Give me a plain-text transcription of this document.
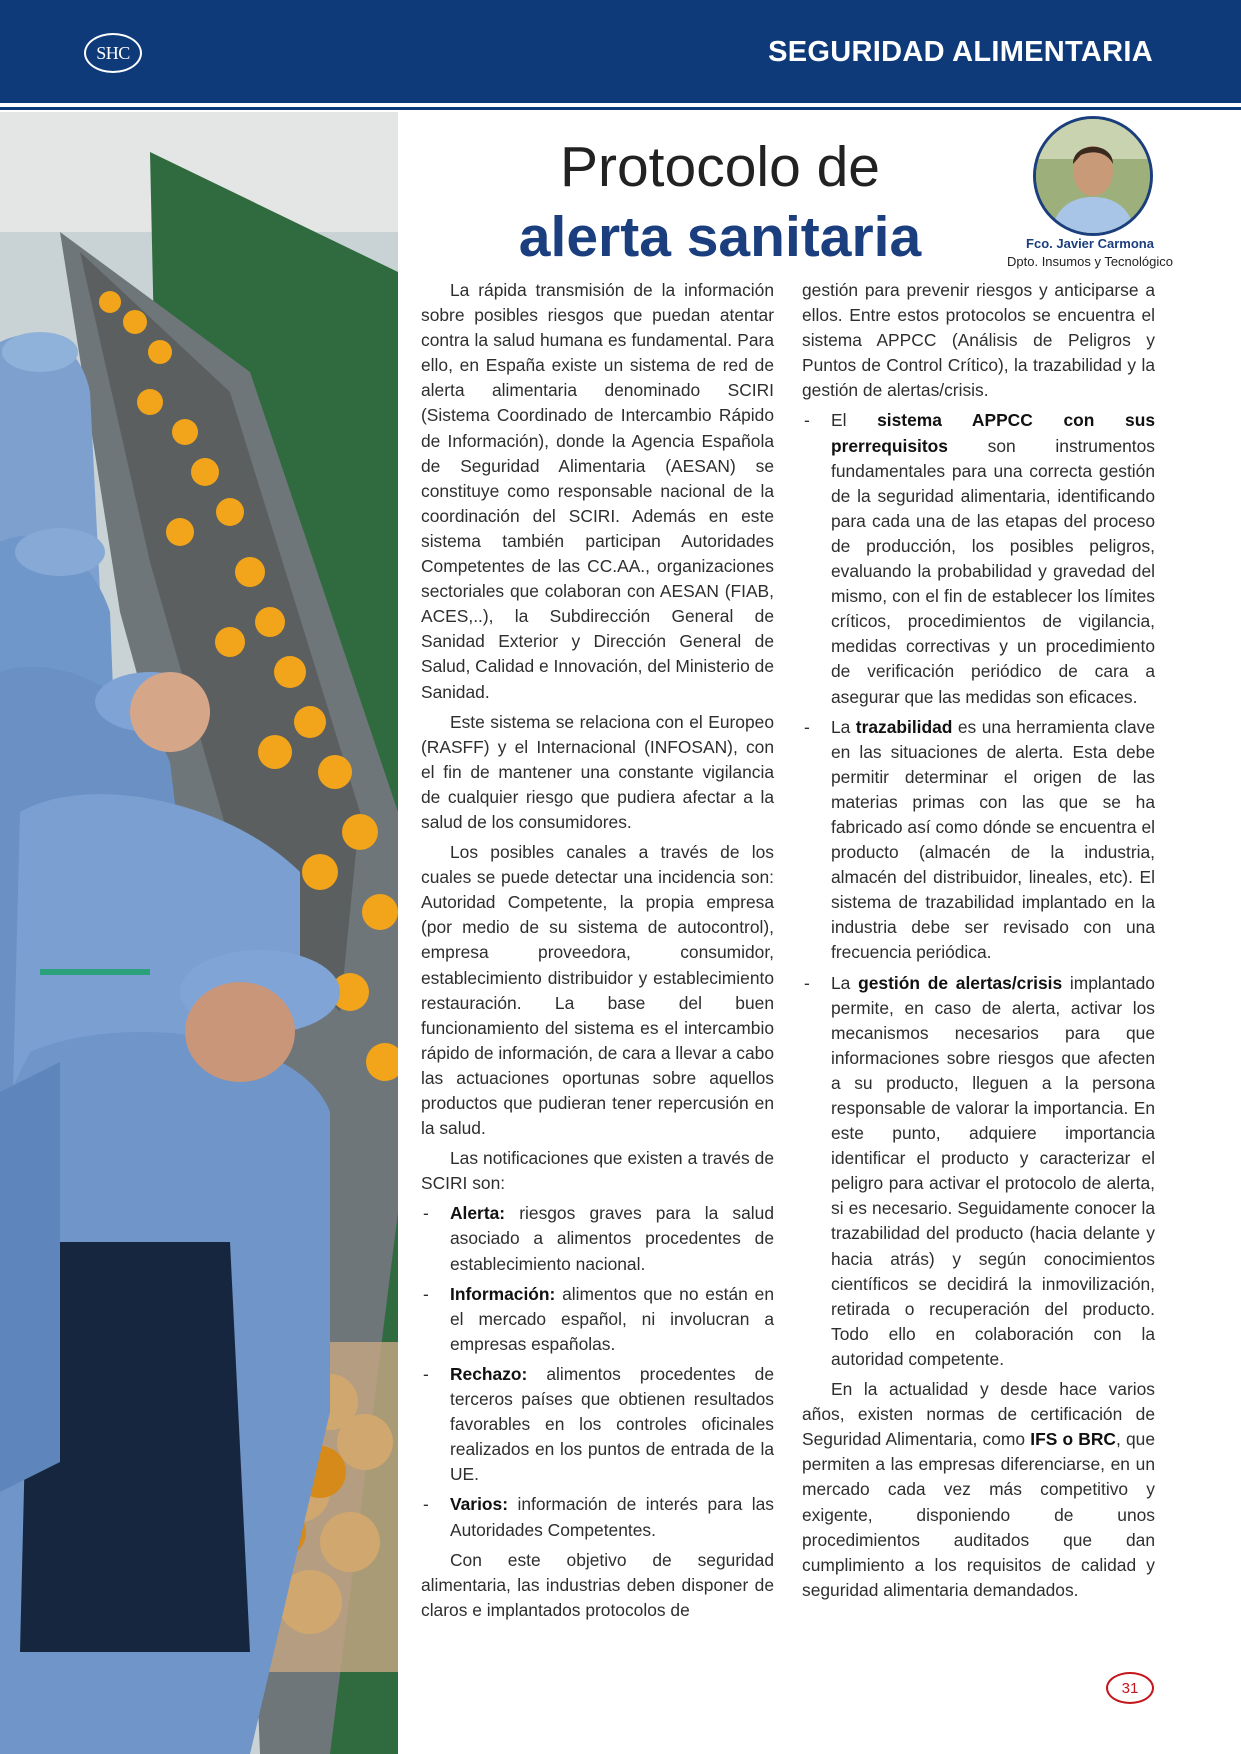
SHC	SEGURIDAD ALIMENTARIA
Protocolo de
alerta sanitaria	Fco. Javier Carmona
Dpto. Insumos y Tecnológico

La rápida transmisión de la información sobre posibles riesgos que puedan atentar contra la salud humana es fundamental. Para ello, en España existe un sistema de red de alerta alimentaria denominado SCIRI (Sistema Coordinado de Intercambio Rápido de Información), donde la Agencia Española de Seguridad Alimentaria (AESAN) se constituye como responsable nacional de la coordinación del SCIRI. Además en este sistema también participan Autoridades Competentes de las CC.AA., organizaciones sectoriales que colaboran con AESAN (FIAB, ACES,..), la Subdirección General de Sanidad Exterior y Dirección General de Salud, Calidad e Innovación, del Ministerio de Sanidad.

Este sistema se relaciona con el Europeo (RASFF) y el Internacional (INFOSAN), con el fin de mantener una constante vigilancia de cualquier riesgo que pudiera afectar a la salud de los consumidores.

Los posibles canales a través de los cuales se puede detectar una incidencia son: Autoridad Competente, la propia empresa (por medio de su sistema de autocontrol), empresa proveedora, consumidor, establecimiento distribuidor y establecimiento restauración. La base del buen funcionamiento del sistema es el intercambio rápido de información, de cara a llevar a cabo las actuaciones oportunas sobre aquellos productos que pudieran tener repercusión en la salud.

Las notificaciones que existen a través de SCIRI son:

- Alerta: riesgos graves para la salud asociado a alimentos procedentes de establecimiento nacional.
- Información: alimentos que no están en el mercado español, ni involucran a empresas españolas.
- Rechazo: alimentos procedentes de terceros países que obtienen resultados favorables en los controles oficinales realizados en los puntos de entrada de la UE.
- Varios: información de interés para las Autoridades Competentes.

Con este objetivo de seguridad alimentaria, las industrias deben disponer de claros e implantados protocolos de

gestión para prevenir riesgos y anticiparse a ellos. Entre estos protocolos se encuentra el sistema APPCC (Análisis de Peligros y Puntos de Control Crítico), la trazabilidad y la gestión de alertas/crisis.

- El sistema APPCC con sus prerrequisitos son instrumentos fundamentales para una correcta gestión de la seguridad alimentaria, identificando para cada una de las etapas del proceso de producción, los posibles peligros, evaluando la probabilidad y gravedad del mismo, con el fin de establecer los límites críticos, procedimientos de vigilancia, medidas correctivas y un procedimiento de verificación periódico de cara a asegurar que las medidas son eficaces.
- La trazabilidad es una herramienta clave en las situaciones de alerta. Esta debe permitir determinar el origen de las materias primas con las que se ha fabricado así como dónde se encuentra el producto (almacén de la industria, almacén del distribuidor, lineales, etc). El sistema de trazabilidad implantado en la industria debe ser revisado con una frecuencia periódica.
- La gestión de alertas/crisis implantado permite, en caso de alerta, activar los mecanismos necesarios para que informaciones sobre riesgos que afecten a su producto, lleguen a la persona responsable de valorar la importancia. En este punto, adquiere importancia identificar el producto y caracterizar el peligro para activar el protocolo de alerta, si es necesario. Seguidamente conocer la trazabilidad del producto (hacia delante y hacia atrás) y según conocimientos científicos se decidirá la inmovilización, retirada o recuperación del producto. Todo ello en colaboración con la autoridad competente.

En la actualidad y desde hace varios años, existen normas de certificación de Seguridad Alimentaria, como IFS o BRC, que permiten a las empresas diferenciarse, en un mercado cada vez más competitivo y exigente, disponiendo de unos procedimientos auditados que dan cumplimiento a los requisitos de calidad y seguridad alimentaria demandados.

31
